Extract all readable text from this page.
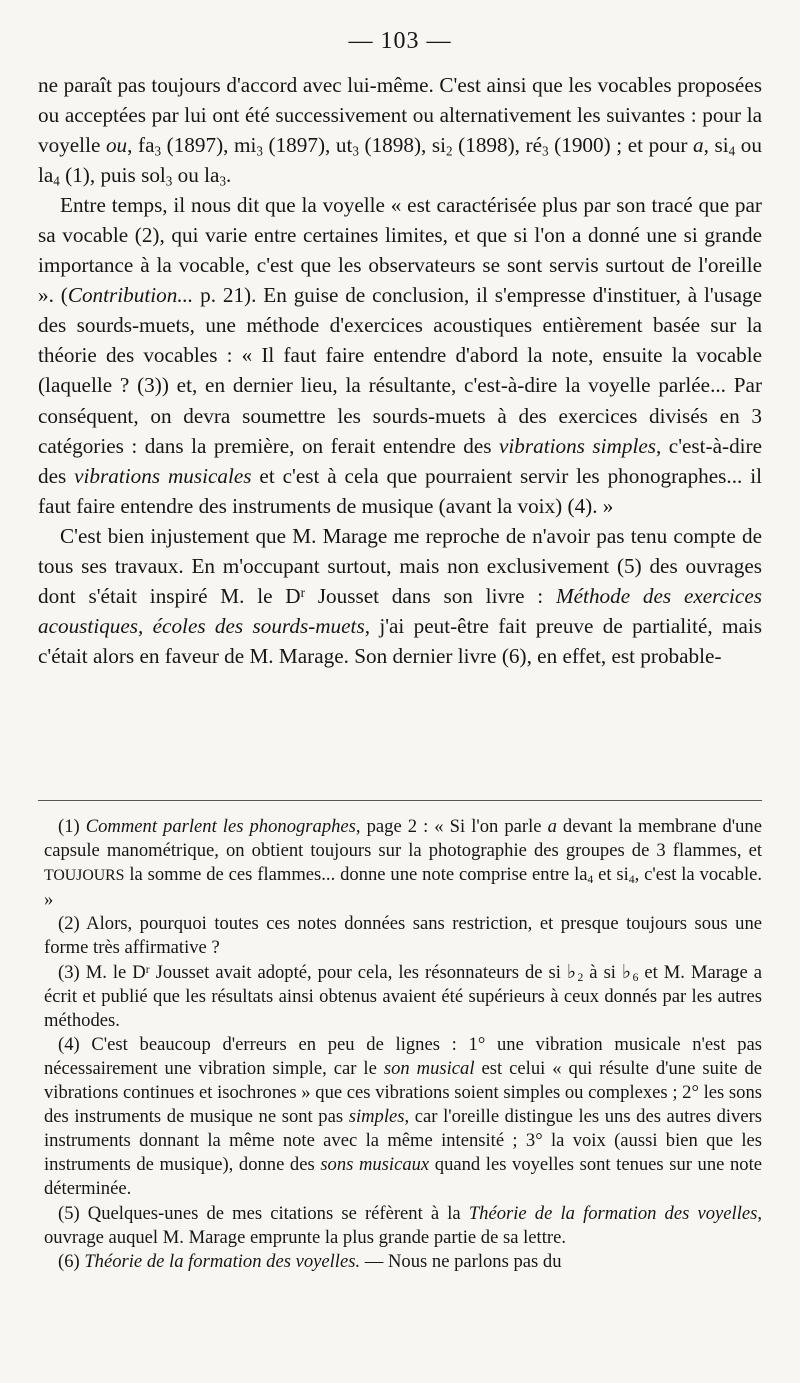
— 103 —

ne paraît pas toujours d'accord avec lui-même. C'est ainsi que les vocables proposées ou acceptées par lui ont été successivement ou alternativement les suivantes : pour la voyelle ou, $fa_3$ (1897), $mi_3$ (1897), $ut_3$ (1898), $si_2$ (1898), $ré_3$ (1900) ; et pour a, $si_4$ ou $la_4$ (1), puis sol$_3$ ou $la_3$.

Entre temps, il nous dit que la voyelle « est caractérisée plus par son tracé que par sa vocable (2), qui varie entre certaines limites, et que si l'on a donné une si grande importance à la vocable, c'est que les observateurs se sont servis surtout de l'oreille ». (Contribution... p. 21). En guise de conclusion, il s'empresse d'instituer, à l'usage des sourds-muets, une méthode d'exercices acoustiques entièrement basée sur la théorie des vocables : « Il faut faire entendre d'abord la note, ensuite la vocable (laquelle ? (3)) et, en dernier lieu, la résultante, c'est-à-dire la voyelle parlée... Par conséquent, on devra soumettre les sourds-muets à des exercices divisés en 3 catégories : dans la première, on ferait entendre des vibrations simples, c'est-à-dire des vibrations musicales et c'est à cela que pourraient servir les phonographes... il faut faire entendre des instruments de musique (avant la voix) (4). »

C'est bien injustement que M. Marage me reproche de n'avoir pas tenu compte de tous ses travaux. En m'occupant surtout, mais non exclusivement (5) des ouvrages dont s'était inspiré M. le $D^r$ Jousset dans son livre : Méthode des exercices acoustiques, écoles des sourds-muets, j'ai peut-être fait preuve de partialité, mais c'était alors en faveur de M. Marage. Son dernier livre (6), en effet, est probable-

(1) Comment parlent les phonographes, page 2 : « Si l'on parle a devant la membrane d'une capsule manométrique, on obtient toujours sur la photographie des groupes de 3 flammes, et TOUJOURS la somme de ces flammes... donne une note comprise entre $la_4$ et $si_4$, c'est la vocable. »

(2) Alors, pourquoi toutes ces notes données sans restriction, et presque toujours sous une forme très affirmative ?

(3) M. le $D^r$ Jousset avait adopté, pour cela, les résonnateurs de si $♭_2$ à si $♭_6$ et M. Marage a écrit et publié que les résultats ainsi obtenus avaient été supérieurs à ceux donnés par les autres méthodes.

(4) C'est beaucoup d'erreurs en peu de lignes : 1° une vibration musicale n'est pas nécessairement une vibration simple, car le son musical est celui « qui résulte d'une suite de vibrations continues et isochrones » que ces vibrations soient simples ou complexes ; 2° les sons des instruments de musique ne sont pas simples, car l'oreille distingue les uns des autres divers instruments donnant la même note avec la même intensité ; 3° la voix (aussi bien que les instruments de musique), donne des sons musicaux quand les voyelles sont tenues sur une note déterminée.

(5) Quelques-unes de mes citations se réfèrent à la Théorie de la formation des voyelles, ouvrage auquel M. Marage emprunte la plus grande partie de sa lettre.

(6) Théorie de la formation des voyelles. — Nous ne parlons pas du
